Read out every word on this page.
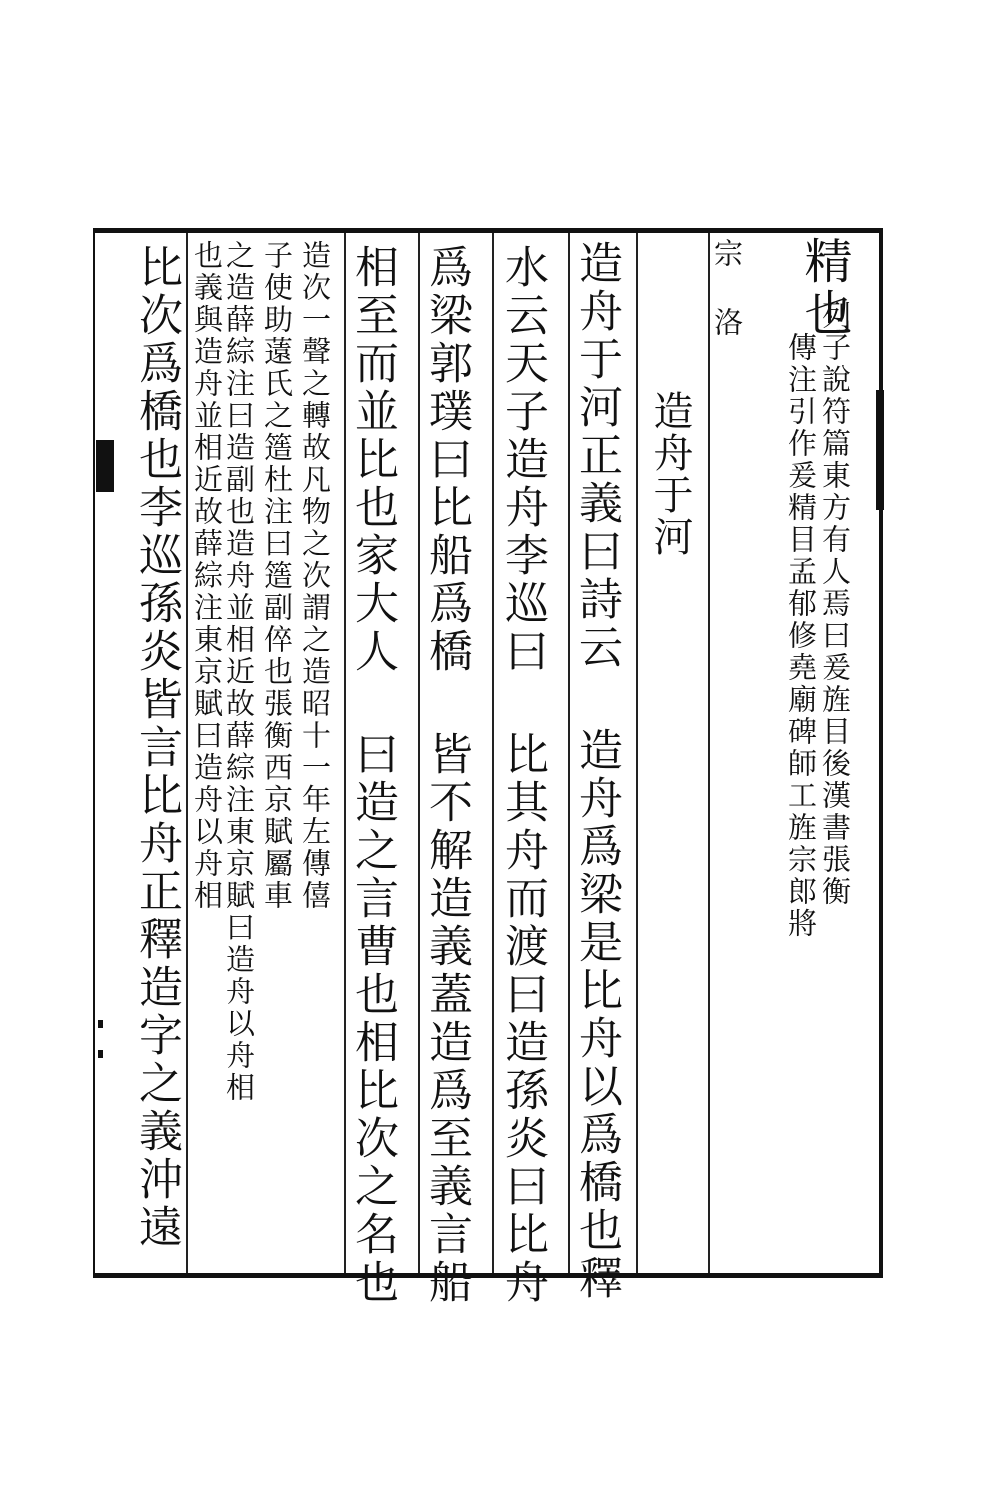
精也
列子說符篇東方有人焉曰爰旌目後漢書張衡
傳注引作爰精目孟郁修堯廟碑師工旌宗郎將
宗 洛
造舟于河
造舟于河正義曰詩云 造舟爲梁是比舟以爲橋也釋
水云天子造舟李巡曰 比其舟而渡曰造孫炎曰比舟
爲梁郭璞曰比船爲橋 皆不解造義蓋造爲至義言船
相至而並比也家大人 曰造之言曹也相比次之名也
造次一聲之轉故凡物之次謂之造昭十一年左傳僖
子使助薳氏之簉杜注曰簉副倅也張衡西京賦屬車
之造薛綜注曰造副也造舟並相近故薛綜注東京賦曰造舟以舟相
也義與造舟並相近故薛綜注東京賦曰造舟以舟相
比次爲橋也李巡孫炎皆言比舟正釋造字之義沖遠
